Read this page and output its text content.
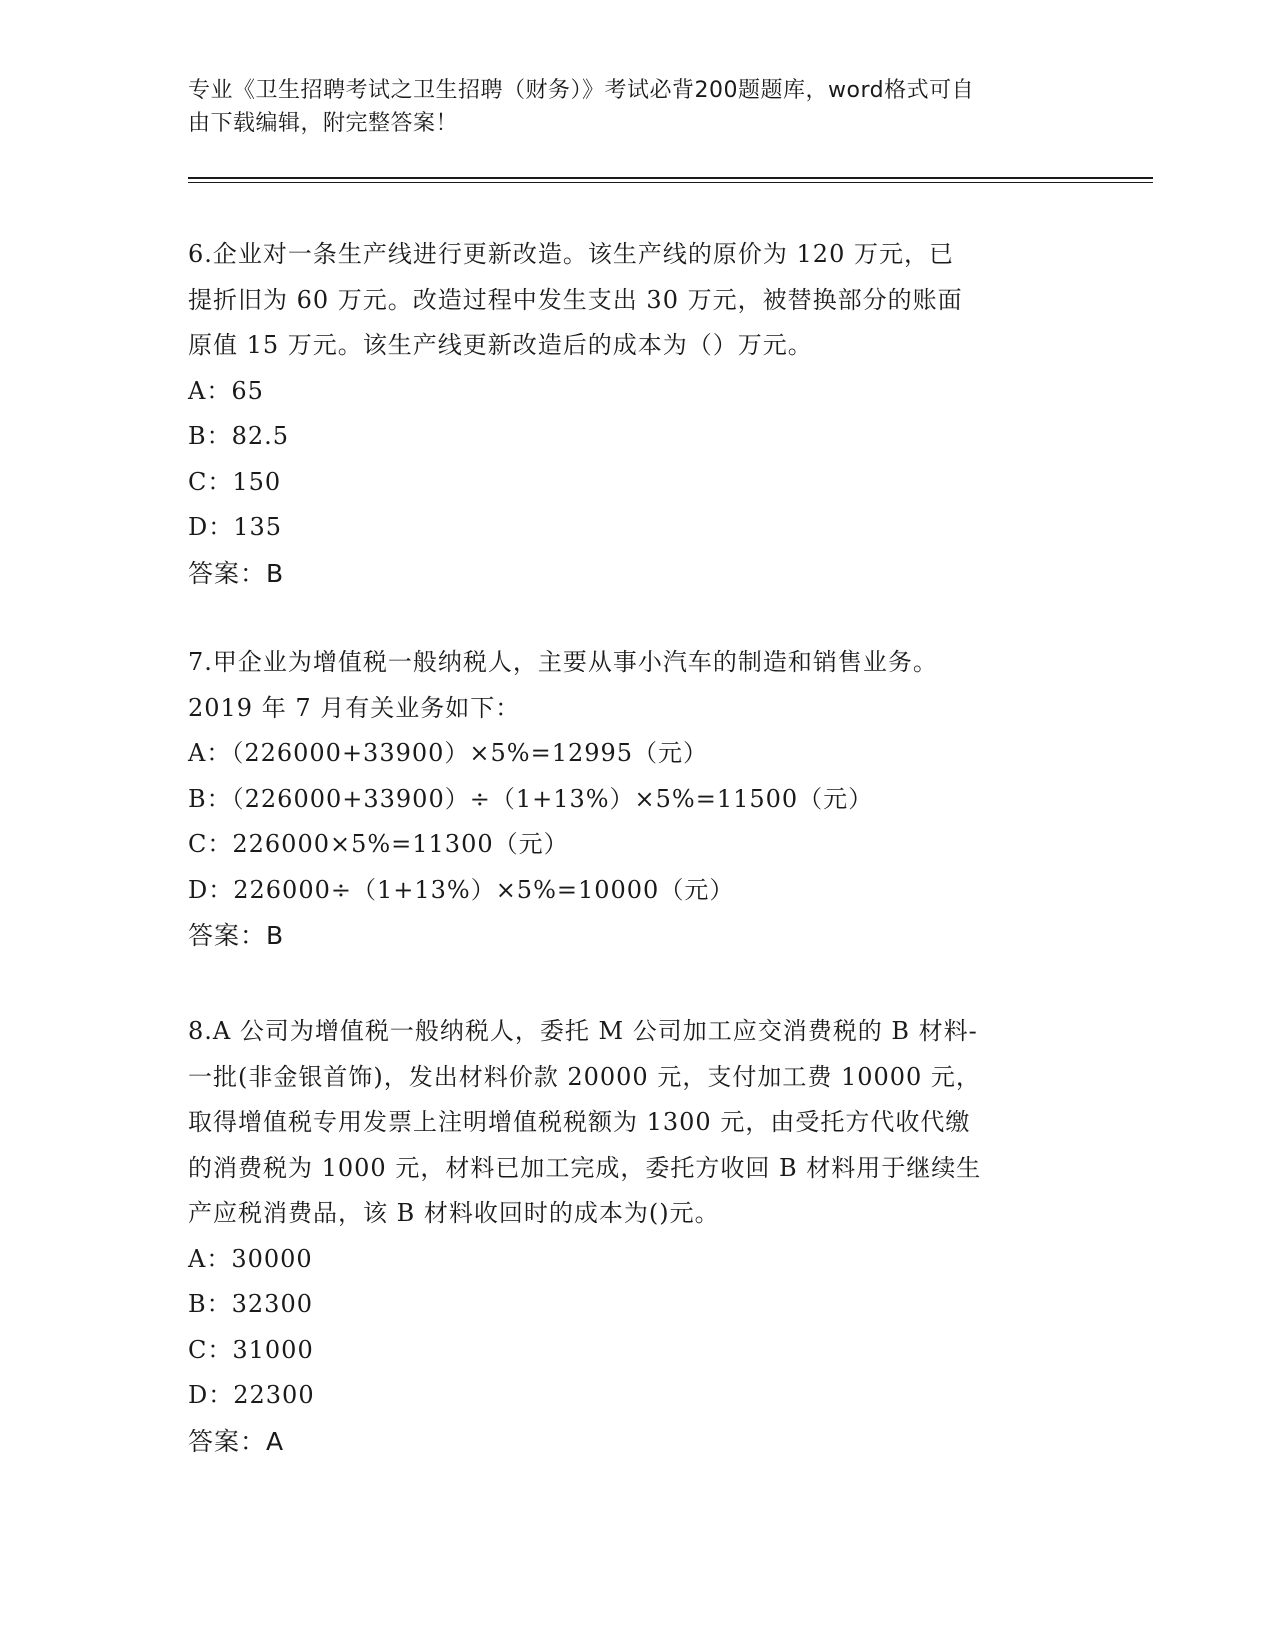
专业《卫生招聘考试之卫生招聘（财务）》考试必背200题题库，word格式可自
由下载编辑，附完整答案！

6.企业对一条生产线进行更新改造。该生产线的原价为 120 万元，已

提折旧为 60 万元。改造过程中发生支出 30 万元，被替换部分的账面

原值 15 万元。该生产线更新改造后的成本为（）万元。

A：65

B：82.5

C：150

D：135

答案：B

7.甲企业为增值税一般纳税人，主要从事小汽车的制造和销售业务。

2019 年 7 月有关业务如下：

A：（226000+33900）×5%=12995（元）

B：（226000+33900）÷（1+13%）×5%=11500（元）

C：226000×5%=11300（元）

D：226000÷（1+13%）×5%=10000（元）

答案：B

8.A 公司为增值税一般纳税人，委托 M 公司加工应交消费税的 B 材料-

一批(非金银首饰)，发出材料价款 20000 元，支付加工费 10000 元，

取得增值税专用发票上注明增值税税额为 1300 元，由受托方代收代缴

的消费税为 1000 元，材料已加工完成，委托方收回 B 材料用于继续生

产应税消费品，该 B 材料收回时的成本为()元。

A：30000

B：32300

C：31000

D：22300

答案：A
